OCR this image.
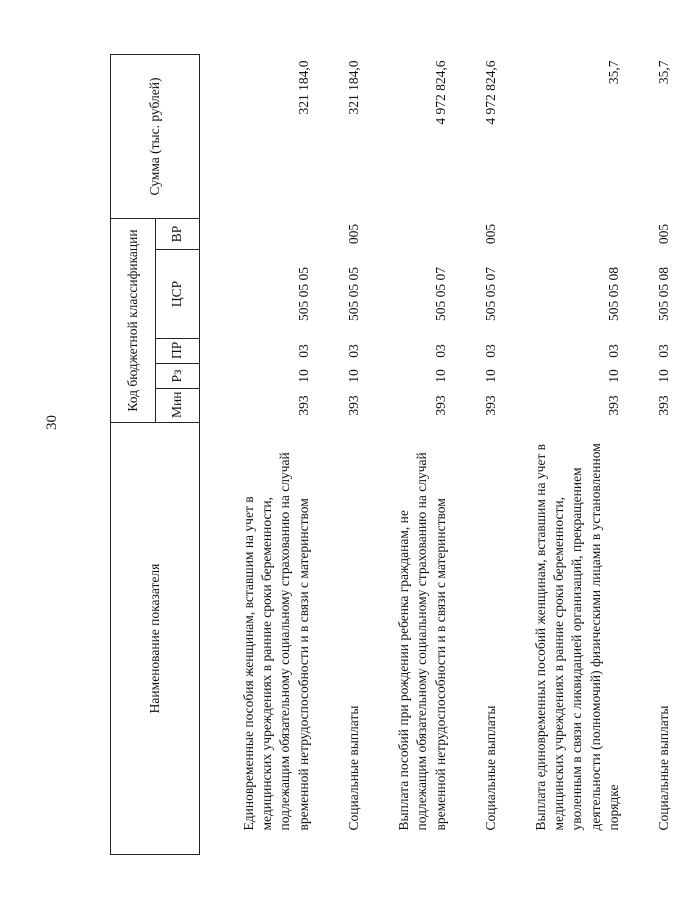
30
Наименование показателя	Код бюджетной классификации					Сумма (тыс. рублей)
	Мин	Рз	ПР	ЦСР	ВР	

Единовременные пособия женщинам, вставшим на учет в медицинских учреждениях в ранние сроки беременности, подлежащим обязательному социальному страхованию на случай временной нетрудоспособности и в связи с материнством	393	10	03	505 05 05		321 184,0

Социальные выплаты	393	10	03	505 05 05	005	321 184,0

Выплата пособий при рождении ребенка гражданам, не подлежащим обязательному социальному страхованию на случай временной нетрудоспособности и в связи с материнством	393	10	03	505 05 07		4 972 824,6

Социальные выплаты	393	10	03	505 05 07	005	4 972 824,6

Выплата единовременных пособий женщинам, вставшим на учет в медицинских учреждениях в ранние сроки беременности, уволенным в связи с ликвидацией организаций, прекращением деятельности (полномочий) физическими лицами в установленном порядке	393	10	03	505 05 08		35,7

Социальные выплаты	393	10	03	505 05 08	005	35,7
